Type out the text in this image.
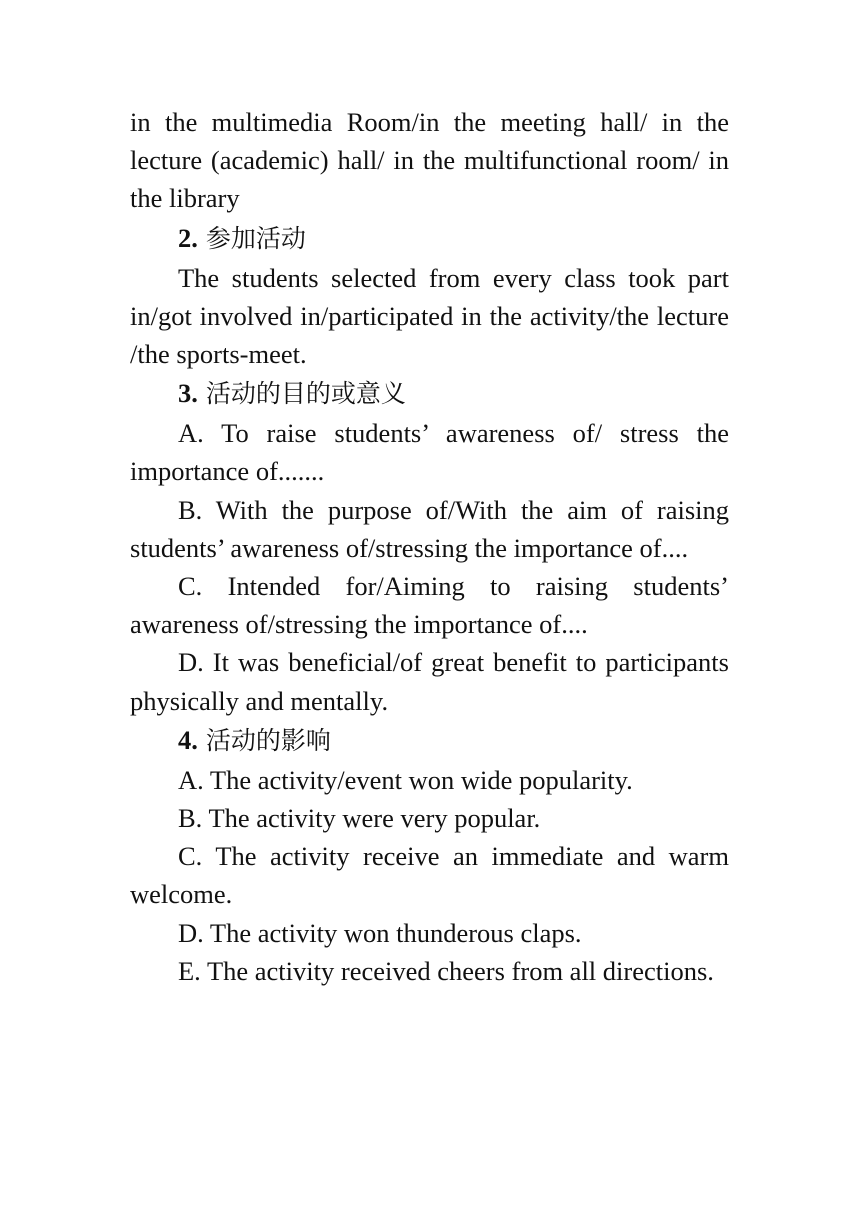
in the multimedia Room/in the meeting hall/ in the lecture (academic) hall/ in the multifunctional room/ in the library

2. 参加活动

The students selected from every class took part in/got involved in/participated in the activity/the lecture /the sports-meet.

3. 活动的目的或意义

A. To raise students’ awareness of/ stress the importance of.......

B. With the purpose of/With the aim of raising students’ awareness of/stressing the importance of....

C. Intended for/Aiming to raising students’ awareness of/stressing the importance of....

D. It was beneficial/of great benefit to participants physically and mentally.

4. 活动的影响

A. The activity/event won wide popularity.

B. The activity were very popular.

C. The activity receive an immediate and warm welcome.

D. The activity won thunderous claps.

E. The activity received cheers from all directions.
